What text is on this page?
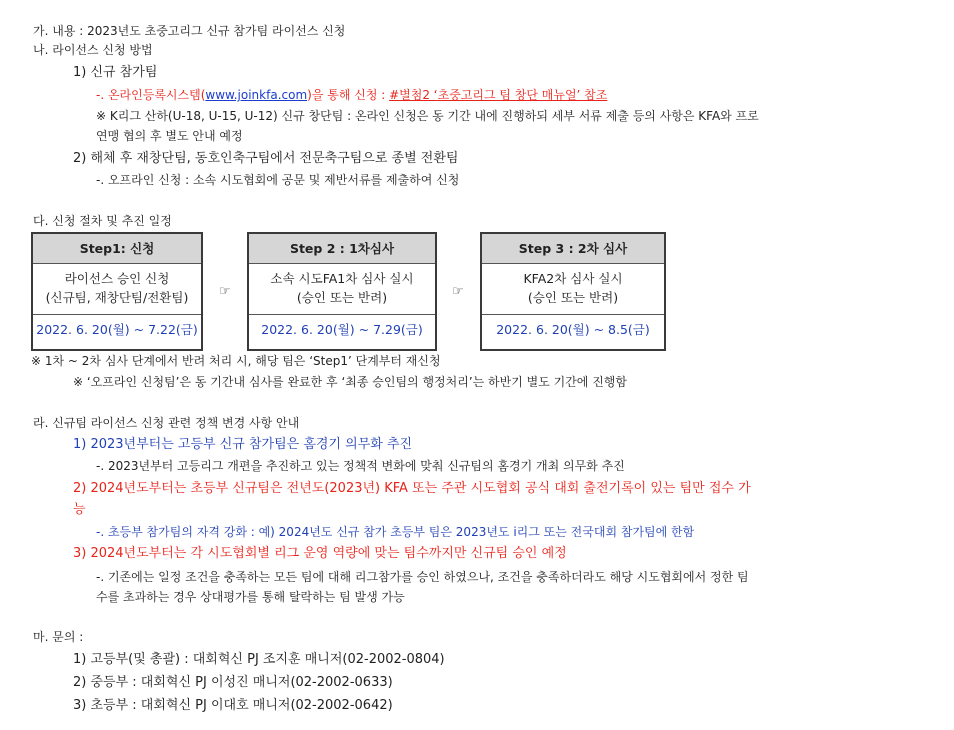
가. 내용 : 2023년도 초중고리그 신규 참가팀 라이선스 신청
나. 라이선스 신청 방법
1) 신규 참가팀
-. 온라인등록시스템(www.joinkfa.com)을 통해 신청 : #별첨2 ‘초중고리그 팀 창단 매뉴얼’ 참조
※ K리그 산하(U-18, U-15, U-12) 신규 창단팀 : 온라인 신청은 동 기간 내에 진행하되 세부 서류 제출 등의 사항은 KFA와 프로
연맹 협의 후 별도 안내 예정
2) 해체 후 재창단팀, 동호인축구팀에서 전문축구팀으로 종별 전환팀
-. 오프라인 신청 : 소속 시도협회에 공문 및 제반서류를 제출하여 신청
다. 신청 절차 및 추진 일정
Step1: 신청
라이선스 승인 신청
(신규팀, 재창단팀/전환팀)
2022. 6. 20(월) ~ 7.22(금)
☞
Step 2 : 1차심사
소속 시도FA1차 심사 실시
(승인 또는 반려)
2022. 6. 20(월) ~ 7.29(금)
☞
Step 3 : 2차 심사
KFA2차 심사 실시
(승인 또는 반려)
2022. 6. 20(월) ~ 8.5(금)
※ 1차 ~ 2차 심사 단계에서 반려 처리 시, 해당 팀은 ‘Step1’ 단계부터 재신청
※ ‘오프라인 신청팀’은 동 기간내 심사를 완료한 후 ‘최종 승인팀의 행정처리’는 하반기 별도 기간에 진행함
라. 신규팀 라이선스 신청 관련 정책 변경 사항 안내
1) 2023년부터는 고등부 신규 참가팀은 홈경기 의무화 추진
-. 2023년부터 고등리그 개편을 추진하고 있는 정책적 변화에 맞춰 신규팀의 홈경기 개최 의무화 추진
2) 2024년도부터는 초등부 신규팀은 전년도(2023년) KFA 또는 주관 시도협회 공식 대회 출전기록이 있는 팀만 접수 가
능
-. 초등부 참가팀의 자격 강화 : 예) 2024년도 신규 참가 초등부 팀은 2023년도 i리그 또는 전국대회 참가팀에 한함
3) 2024년도부터는 각 시도협회별 리그 운영 역량에 맞는 팀수까지만 신규팀 승인 예정
-. 기존에는 일정 조건을 충족하는 모든 팀에 대해 리그참가를 승인 하였으나, 조건을 충족하더라도 해당 시도협회에서 정한 팀
수를 초과하는 경우 상대평가를 통해 탈락하는 팀 발생 가능
마. 문의 :
1) 고등부(및 총괄) : 대회혁신 PJ 조지훈 매니저(02-2002-0804)
2) 중등부 : 대회혁신 PJ 이성진 매니저(02-2002-0633)
3) 초등부 : 대회혁신 PJ 이대호 매니저(02-2002-0642)
